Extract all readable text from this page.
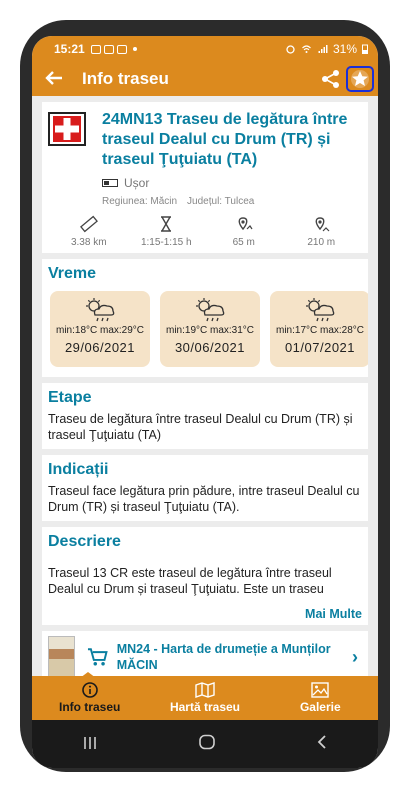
15:21	31%
Info traseu
24MN13 Traseu de legătura între traseul Dealul cu Drum (TR) și traseul Ţuţuiatu (TA)
Ușor
Regiunea: Măcin Județul: Tulcea
3.38 km	1:15-1:15 h	65 m	210 m
Vreme
min:18°C max:29°C
29/06/2021
min:19°C max:31°C
30/06/2021
min:17°C max:28°C
01/07/2021
Etape
Traseu de legătura între traseul Dealul cu Drum (TR) și traseul Ţuţuiatu (TA)
Indicații
Traseul face legătura prin pădure, intre traseul Dealul cu Drum (TR) și traseul Ţuţuiatu (TA).
Descriere
Traseul 13 CR este traseul de legătura între traseul Dealul cu Drum și traseul Ţuţuiatu. Este un traseu
Mai Multe
MN24 - Harta de drumeție a Munților MĂCIN	›
Info traseu	Hartă traseu	Galerie
